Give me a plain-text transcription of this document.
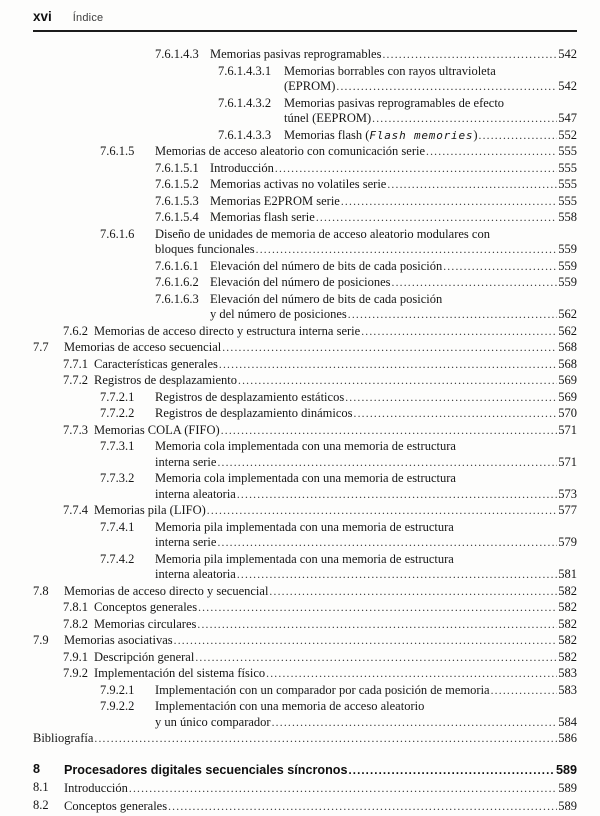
xvi Índice
7.6.1.4.3 Memorias pasivas reprogramables .....	542
7.6.1.4.3.1 Memorias borrables con rayos ultravioleta
(EPROM) .....	542
7.6.1.4.3.2 Memorias pasivas reprogramables de efecto
túnel (EEPROM) .....	547
7.6.1.4.3.3 Memorias flash (Flash memories) .....	552
7.6.1.5 Memorias de acceso aleatorio con comunicación serie .....	555
7.6.1.5.1 Introducción .....	555
7.6.1.5.2 Memorias activas no volatiles serie .....	555
7.6.1.5.3 Memorias E2PROM serie .....	555
7.6.1.5.4 Memorias flash serie .....	558
7.6.1.6 Diseño de unidades de memoria de acceso aleatorio modulares con
bloques funcionales .....	559
7.6.1.6.1 Elevación del número de bits de cada posición .....	559
7.6.1.6.2 Elevación del número de posiciones .....	559
7.6.1.6.3 Elevación del número de bits de cada posición
y del número de posiciones .....	562
7.6.2 Memorias de acceso directo y estructura interna serie .....	562
7.7 Memorias de acceso secuencial .....	568
7.7.1 Características generales .....	568
7.7.2 Registros de desplazamiento .....	569
7.7.2.1 Registros de desplazamiento estáticos .....	569
7.7.2.2 Registros de desplazamiento dinámicos .....	570
7.7.3 Memorias COLA (FIFO) .....	571
7.7.3.1 Memoria cola implementada con una memoria de estructura
interna serie .....	571
7.7.3.2 Memoria cola implementada con una memoria de estructura
interna aleatoria .....	573
7.7.4 Memorias pila (LIFO) .....	577
7.7.4.1 Memoria pila implementada con una memoria de estructura
interna serie .....	579
7.7.4.2 Memoria pila implementada con una memoria de estructura
interna aleatoria .....	581
7.8 Memorias de acceso directo y secuencial .....	582
7.8.1 Conceptos generales .....	582
7.8.2 Memorias circulares .....	582
7.9 Memorias asociativas .....	582
7.9.1 Descripción general .....	582
7.9.2 Implementación del sistema físico .....	583
7.9.2.1 Implementación con un comparador por cada posición de memoria .....	583
7.9.2.2 Implementación con una memoria de acceso aleatorio
y un único comparador .....	584
Bibliografía .....	586
8 Procesadores digitales secuenciales síncronos .....	589
8.1 Introducción .....	589
8.2 Conceptos generales .....	589
